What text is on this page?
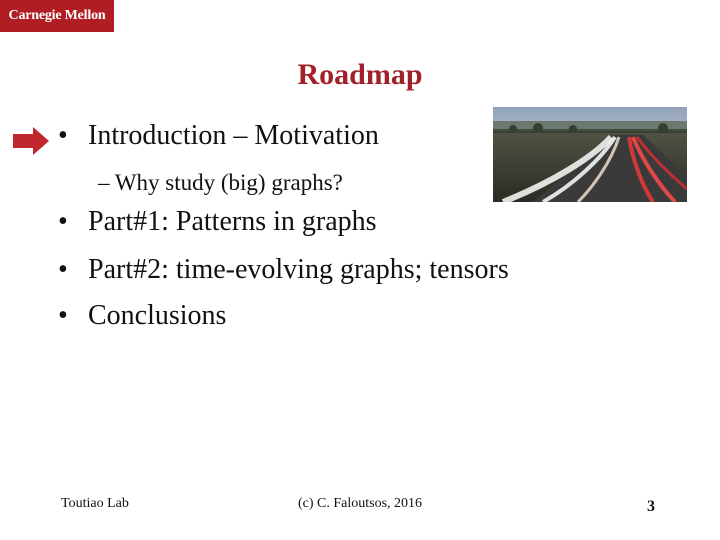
Carnegie Mellon
Roadmap
• Introduction – Motivation
– Why study (big) graphs?
• Part#1: Patterns in graphs
• Part#2: time-evolving graphs; tensors
• Conclusions
Toutiao Lab	(c) C. Faloutsos, 2016	3
